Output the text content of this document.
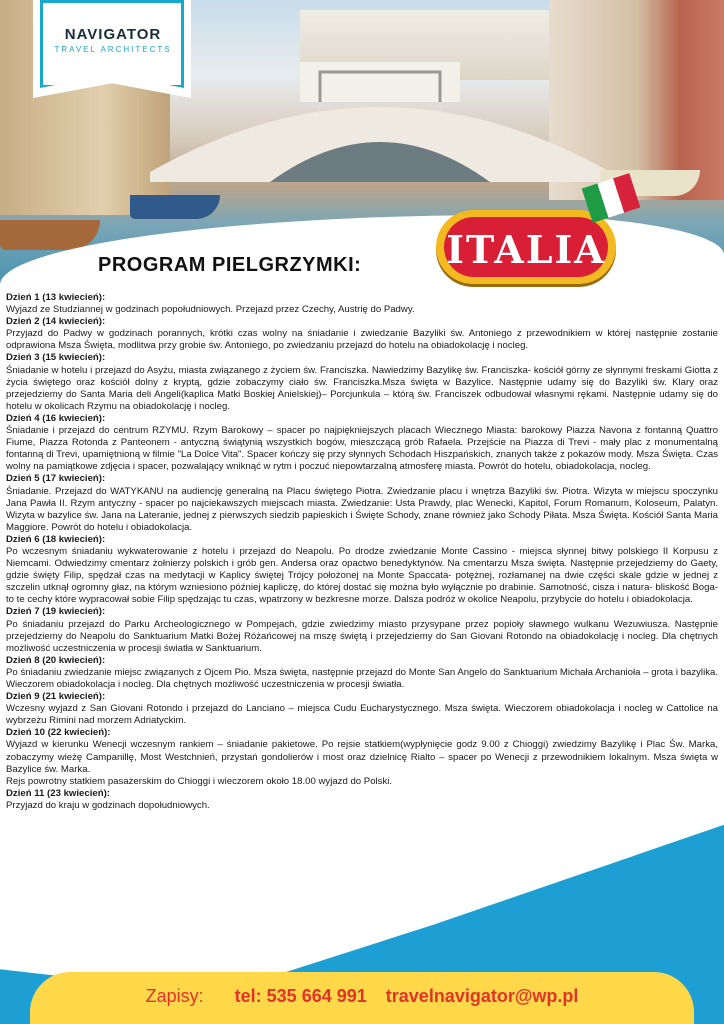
NAVIGATOR
TRAVEL ARCHITECTS
ITALIA
PROGRAM PIELGRZYMKI:
Dzień 1 (13 kwiecień):

Wyjazd ze Studziannej w godzinach popołudniowych. Przejazd przez Czechy, Austrię do Padwy.

Dzień 2 (14 kwiecień):

Przyjazd do Padwy w godzinach porannych, krótki czas wolny na śniadanie i zwiedzanie Bazyliki św. Antoniego z przewodnikiem w której następnie zostanie odprawiona Msza Święta, modlitwa przy grobie św. Antoniego, po zwiedzaniu przejazd do hotelu na obiadokolację i nocleg.

Dzień 3 (15 kwiecień):

Śniadanie w hotelu i przejazd do Asyżu, miasta związanego z życiem św. Franciszka. Nawiedzimy Bazylikę św. Franciszka- kościół górny ze słynnymi freskami Giotta z życia świętego oraz kościół dolny z kryptą, gdzie zobaczymy ciało św. Franciszka.Msza święta w Bazylice. Następnie udamy się do Bazyliki św. Klary oraz przejedziemy do Santa Maria deli Angeli(kaplica Matki Boskiej Anielskiej)– Porcjunkula – którą św. Franciszek odbudował własnymi rękami. Następnie udamy się do hotelu w okolicach Rzymu na obiadokolację i nocleg.

Dzień 4 (16 kwiecień):

Śniadanie i przejazd do centrum RZYMU. Rzym Barokowy – spacer po najpiękniejszych placach Wiecznego Miasta: barokowy Piazza Navona z fontanną Quattro Fiume, Piazza Rotonda z Panteonem - antyczną świątynią wszystkich bogów, mieszczącą grób Rafaela. Przejście na Piazza di Trevi - mały plac z monumentalną fontanną di Trevi, upamiętnioną w filmie "La Dolce Vita". Spacer kończy się przy słynnych Schodach Hiszpańskich, znanych także z pokazów mody. Msza Święta. Czas wolny na pamiątkowe zdjęcia i spacer, pozwalający wniknąć w rytm i poczuć niepowtarzalną atmosferę miasta. Powrót do hotelu, obiadokolacja, nocleg.

Dzień 5 (17 kwiecień):

Śniadanie. Przejazd do WATYKANU na audiencję generalną na Placu świętego Piotra. Zwiedzanie placu i wnętrza Bazyliki św. Piotra. Wizyta w miejscu spoczynku Jana Pawła II. Rzym antyczny - spacer po najciekawszych miejscach miasta. Zwiedzanie: Usta Prawdy, plac Wenecki, Kapitol, Forum Romanum, Koloseum, Palatyn. Wizyta w bazylice św. Jana na Lateranie, jednej z pierwszych siedzib papieskich i Święte Schody, znane również jako Schody Piłata. Msza Święta. Kościół Santa Maria Maggiore. Powrót do hotelu i obiadokolacja.

Dzień 6 (18 kwiecień):

Po wczesnym śniadaniu wykwaterowanie z hotelu i przejazd do Neapolu. Po drodze zwiedzanie Monte Cassino - miejsca słynnej bitwy polskiego II Korpusu z Niemcami. Odwiedzimy cmentarz żołnierzy polskich i grób gen. Andersa oraz opactwo benedyktynów. Na cmentarzu Msza święta. Następnie przejedziemy do Gaety, gdzie święty Filip, spędzał czas na medytacji w Kaplicy świętej Trójcy położonej na Monte Spaccata- potężnej, rozłamanej na dwie części skale gdzie w jednej z szczelin utknął ogromny głaz, na którym wzniesiono później kapliczę, do której dostać się można było wyłącznie po drabinie. Samotność, cisza i natura- bliskość Boga- to te cechy które wypracował sobie Filip spędzając tu czas, wpatrzony w bezkresne morze. Dalsza podróż w okolice Neapolu, przybycie do hotelu i obiadokolacja.

Dzień 7 (19 kwiecień):

Po śniadaniu przejazd do Parku Archeologicznego w Pompejach, gdzie zwiedzimy miasto przysypane przez popioły sławnego wulkanu Wezuwiusza. Następnie przejedziemy do Neapolu do Sanktuarium Matki Bożej Różańcowej na mszę świętą i przejedziemy do San Giovani Rotondo na obiadokolację i nocleg. Dla chętnych możliwość uczestniczenia w procesji światła w Sanktuarium.

Dzień 8 (20 kwiecień):

Po śniadaniu zwiedzanie miejsc związanych z Ojcem Pio. Msza święta, następnie przejazd do Monte San Angelo do Sanktuarium Michała Archanioła – grota i bazylika. Wieczorem obiadokolacja i nocleg. Dla chętnych możliwość uczestniczenia w procesji światła.

Dzień 9 (21 kwiecień):

Wczesny wyjazd z San Giovani Rotondo i przejazd do Lanciano – miejsca Cudu Eucharystycznego. Msza święta. Wieczorem obiadokolacja i nocleg w Cattolice na wybrzeżu Rimini nad morzem Adriatyckim.

Dzień 10 (22 kwiecień):

Wyjazd w kierunku Wenecji wczesnym rankiem – śniadanie pakietowe. Po rejsie statkiem(wypłynięcie godz 9.00 z Chioggi) zwiedzimy Bazylikę i Plac Św. Marka, zobaczymy wieżę Campanillę, Most Westchnień, przystań gondolierów i most oraz dzielnicę Rialto – spacer po Wenecji z przewodnikiem lokalnym. Msza święta w Bazylice św. Marka.
Rejs powrotny statkiem pasażerskim do Chioggi i wieczorem około 18.00 wyjazd do Polski.

Dzień 11 (23 kwiecień):

Przyjazd do kraju w godzinach dopołudniowych.

Zapisy: tel: 535 664 991 travelnavigator@wp.pl
